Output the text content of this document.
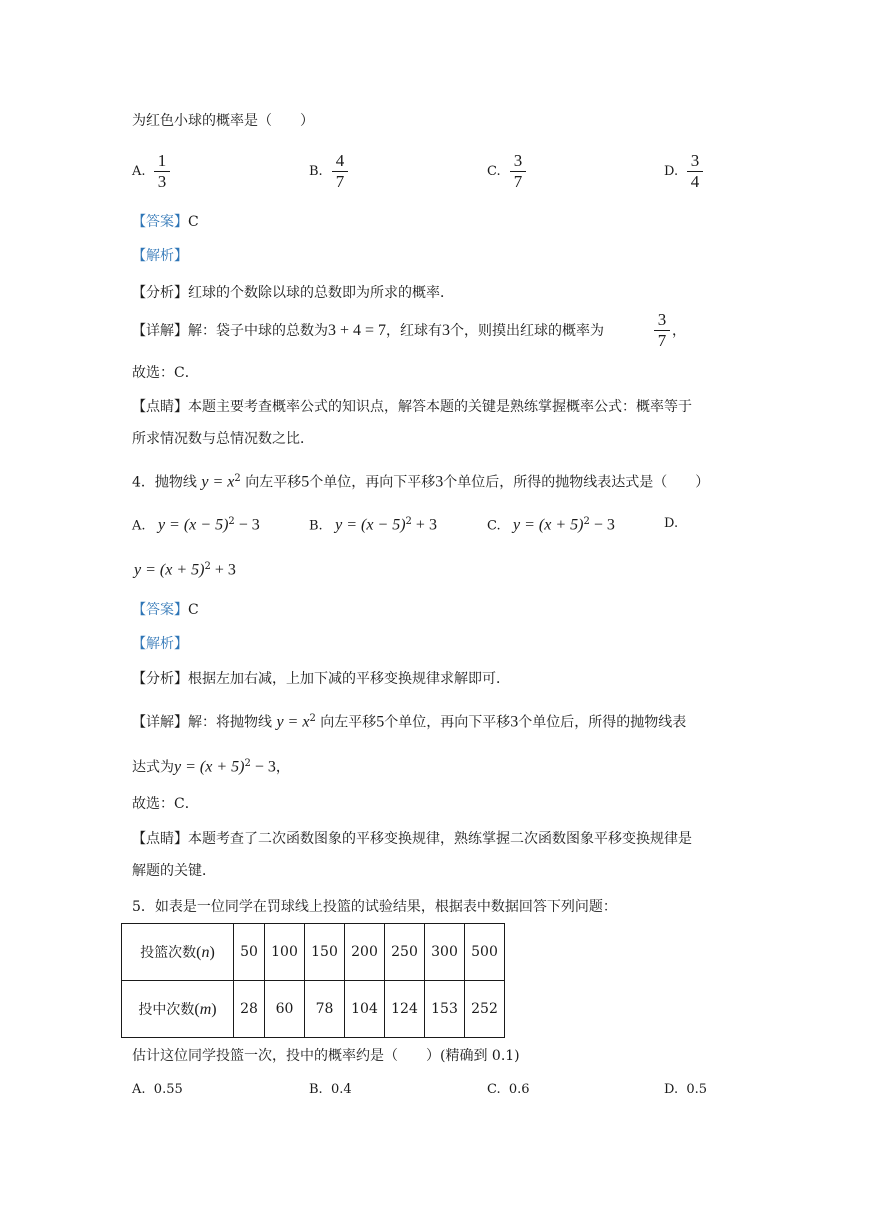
为红色小球的概率是（　　）
A.
1
3
B.
4
7
C.
3
7
D.
3
4
【答案】C
【解析】
【分析】红球的个数除以球的总数即为所求的概率．
【详解】解：袋子中球的总数为3 + 4 = 7，红球有3个，则摸出红球的概率为
3
7 ，
故选：C．
【点睛】本题主要考查概率公式的知识点，解答本题的关键是熟练掌握概率公式：概率等于
所求情况数与总情况数之比．
4．抛物线 $y = x^2$ 向左平移5个单位，再向下平移3个单位后，所得的抛物线表达式是（　　）
A. $y = (x - 5)^2 - 3$	B. $y = (x - 5)^2 + 3$	C. $y = (x + 5)^2 - 3$	D.
$y = (x + 5)^2 + 3$
【答案】C
【解析】
【分析】根据左加右减，上加下减的平移变换规律求解即可．
【详解】解：将抛物线 $y = x^2$ 向左平移5个单位，再向下平移3个单位后，所得的抛物线表
达式为$y = (x + 5)^2 - 3$，
故选：C．
【点睛】本题考查了二次函数图象的平移变换规律，熟练掌握二次函数图象平移变换规律是
解题的关键．
5．如表是一位同学在罚球线上投篮的试验结果，根据表中数据回答下列问题：
投篮次数(n)	50	100	150	200	250	300	500
投中次数(m)	28	60	78	104	124	153	252
估计这位同学投篮一次，投中的概率约是（　　）(精确到 0.1)
A. 0.55	B. 0.4	C. 0.6	D. 0.5
